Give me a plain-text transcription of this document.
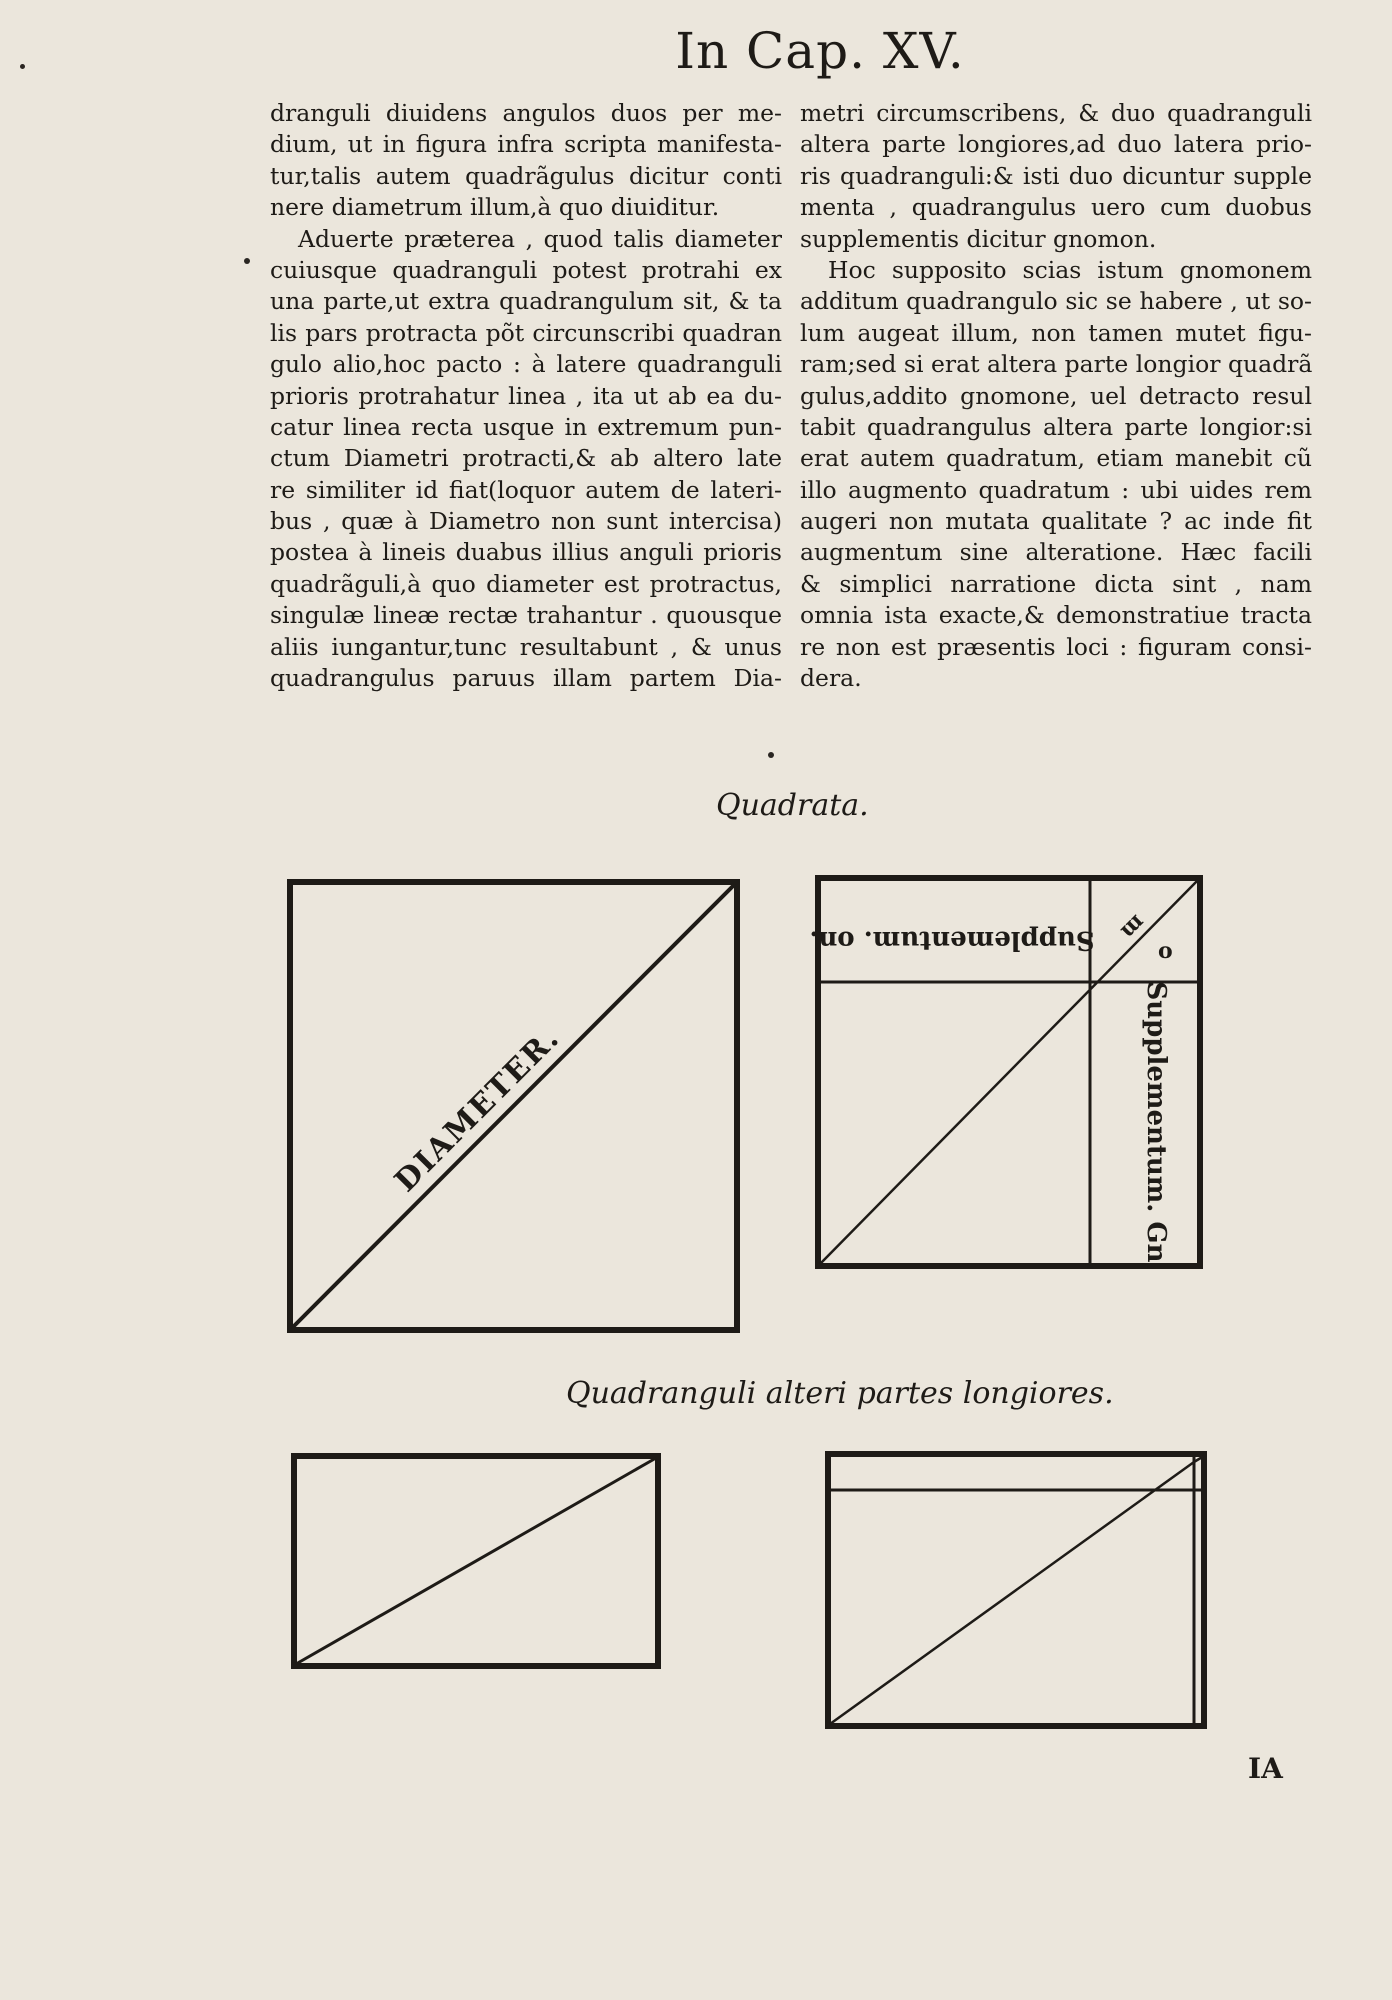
In Cap. XV.
dranguli diuidens angulos duos per me-
dium, ut in figura infra scripta manifesta-
tur,talis autem quadrãgulus dicitur conti
nere diametrum illum,à quo diuiditur.
Aduerte præterea , quod talis diameter
cuiusque quadranguli potest protrahi ex
una parte,ut extra quadrangulum sit, & ta
lis pars protracta põt circunscribi quadran
gulo alio,hoc pacto : à latere quadranguli
prioris protrahatur linea , ita ut ab ea du-
catur linea recta usque in extremum pun-
ctum Diametri protracti,& ab altero late
re similiter id fiat(loquor autem de lateri-
bus , quæ à Diametro non sunt intercisa)
postea à lineis duabus illius anguli prioris
quadrãguli,à quo diameter est protractus,
singulæ lineæ rectæ trahantur . quousque
aliis iungantur,tunc resultabunt , & unus
quadrangulus paruus illam partem Dia-
metri circumscribens, & duo quadranguli
altera parte longiores,ad duo latera prio-
ris quadranguli:& isti duo dicuntur supple
menta , quadrangulus uero cum duobus
supplementis dicitur gnomon.
Hoc supposito scias istum gnomonem
additum quadrangulo sic se habere , ut so-
lum augeat illum, non tamen mutet figu-
ram;sed si erat altera parte longior quadrã
gulus,addito gnomone, uel detracto resul
tabit quadrangulus altera parte longior:si
erat autem quadratum, etiam manebit cũ
illo augmento quadratum : ubi uides rem
augeri non mutata qualitate ? ac inde fit
augmentum sine alteratione. Hæc facili
& simplici narratione dicta sint , nam
omnia ista exacte,& demonstratiue tracta
re non est præsentis loci : figuram consi-
dera.
Quadrata.
DIAMETER.
Supplementum. on.
Supplementum. Gn
o
m
Quadranguli alteri partes longiores.
IA
